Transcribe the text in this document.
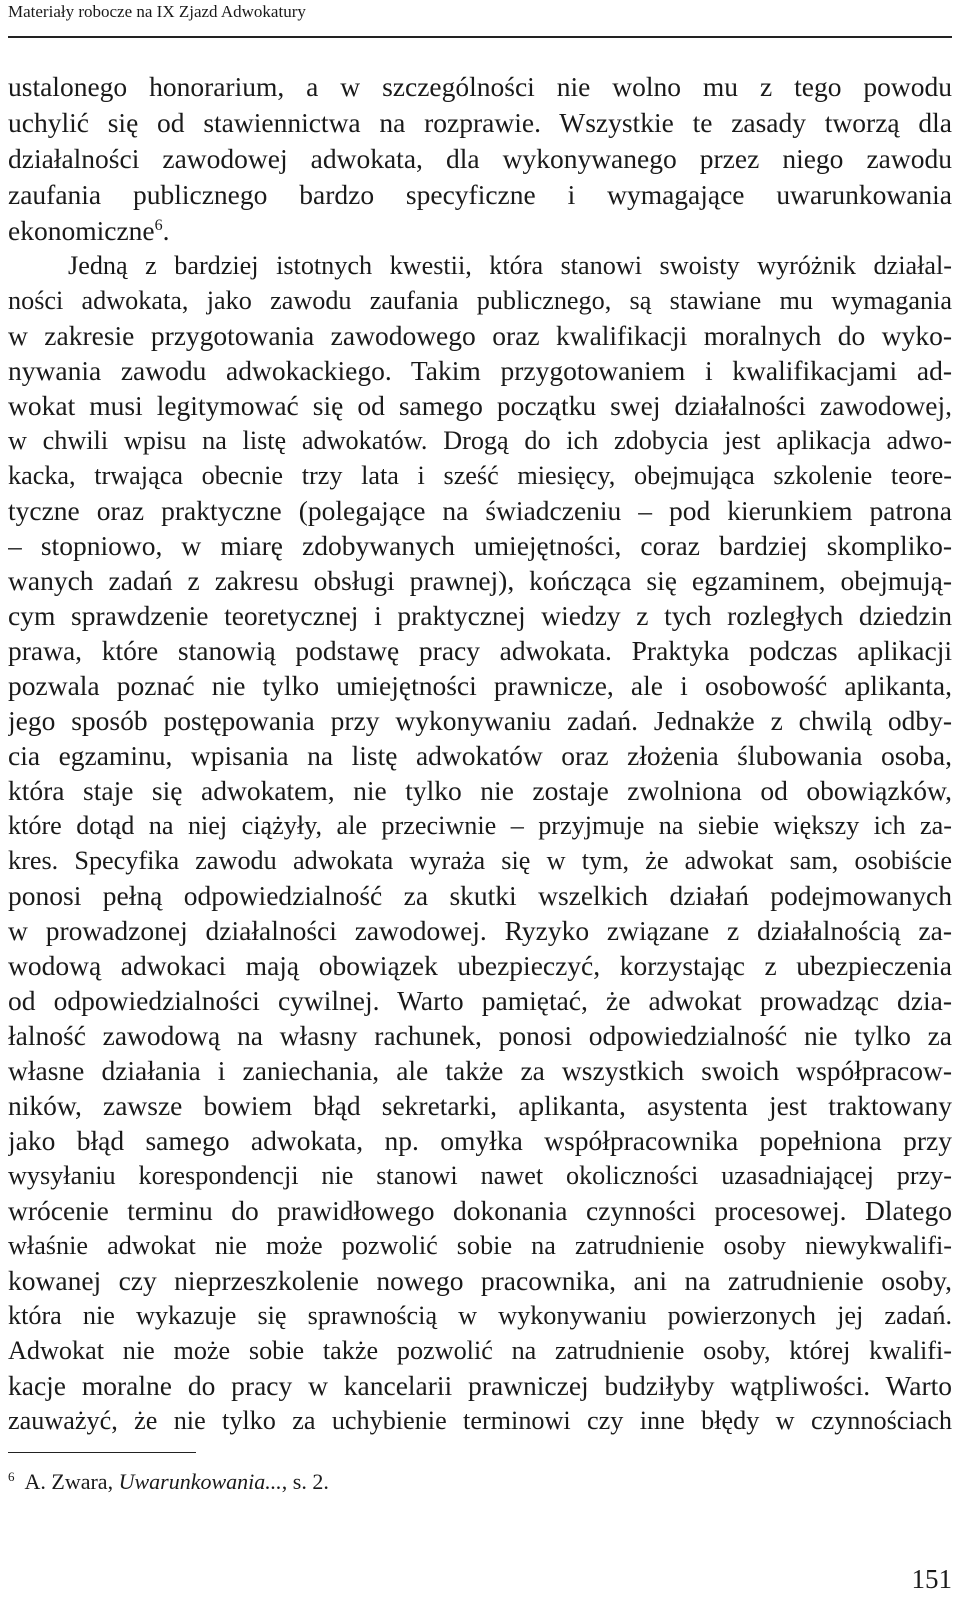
Materiały robocze na IX Zjazd Adwokatury
ustalonego honorarium, a w szczególności nie wolno mu z tego powodu
uchylić się od stawiennictwa na rozprawie. Wszystkie te zasady tworzą dla
działalności zawodowej adwokata, dla wykonywanego przez niego zawodu
zaufania publicznego bardzo specyficzne i wymagające uwarunkowania
ekonomiczne$^6$.
Jedną z bardziej istotnych kwestii, która stanowi swoisty wyróżnik działal-
ności adwokata, jako zawodu zaufania publicznego, są stawiane mu wymagania
w zakresie przygotowania zawodowego oraz kwalifikacji moralnych do wyko-
nywania zawodu adwokackiego. Takim przygotowaniem i kwalifikacjami ad-
wokat musi legitymować się od samego początku swej działalności zawodowej,
w chwili wpisu na listę adwokatów. Drogą do ich zdobycia jest aplikacja adwo-
kacka, trwająca obecnie trzy lata i sześć miesięcy, obejmująca szkolenie teore-
tyczne oraz praktyczne (polegające na świadczeniu – pod kierunkiem patrona
– stopniowo, w miarę zdobywanych umiejętności, coraz bardziej skompliko-
wanych zadań z zakresu obsługi prawnej), kończąca się egzaminem, obejmują-
cym sprawdzenie teoretycznej i praktycznej wiedzy z tych rozległych dziedzin
prawa, które stanowią podstawę pracy adwokata. Praktyka podczas aplikacji
pozwala poznać nie tylko umiejętności prawnicze, ale i osobowość aplikanta,
jego sposób postępowania przy wykonywaniu zadań. Jednakże z chwilą odby-
cia egzaminu, wpisania na listę adwokatów oraz złożenia ślubowania osoba,
która staje się adwokatem, nie tylko nie zostaje zwolniona od obowiązków,
które dotąd na niej ciążyły, ale przeciwnie – przyjmuje na siebie większy ich za-
kres. Specyfika zawodu adwokata wyraża się w tym, że adwokat sam, osobiście
ponosi pełną odpowiedzialność za skutki wszelkich działań podejmowanych
w prowadzonej działalności zawodowej. Ryzyko związane z działalnością za-
wodową adwokaci mają obowiązek ubezpieczyć, korzystając z ubezpieczenia
od odpowiedzialności cywilnej. Warto pamiętać, że adwokat prowadząc dzia-
łalność zawodową na własny rachunek, ponosi odpowiedzialność nie tylko za
własne działania i zaniechania, ale także za wszystkich swoich współpracow-
ników, zawsze bowiem błąd sekretarki, aplikanta, asystenta jest traktowany
jako błąd samego adwokata, np. omyłka współpracownika popełniona przy
wysyłaniu korespondencji nie stanowi nawet okoliczności uzasadniającej przy-
wrócenie terminu do prawidłowego dokonania czynności procesowej. Dlatego
właśnie adwokat nie może pozwolić sobie na zatrudnienie osoby niewykwalifi-
kowanej czy nieprzeszkolenie nowego pracownika, ani na zatrudnienie osoby,
która nie wykazuje się sprawnością w wykonywaniu powierzonych jej zadań.
Adwokat nie może sobie także pozwolić na zatrudnienie osoby, której kwalifi-
kacje moralne do pracy w kancelarii prawniczej budziłyby wątpliwości. Warto
zauważyć, że nie tylko za uchybienie terminowi czy inne błędy w czynnościach
$^6$ A. Zwara, Uwarunkowania..., s. 2.
151
